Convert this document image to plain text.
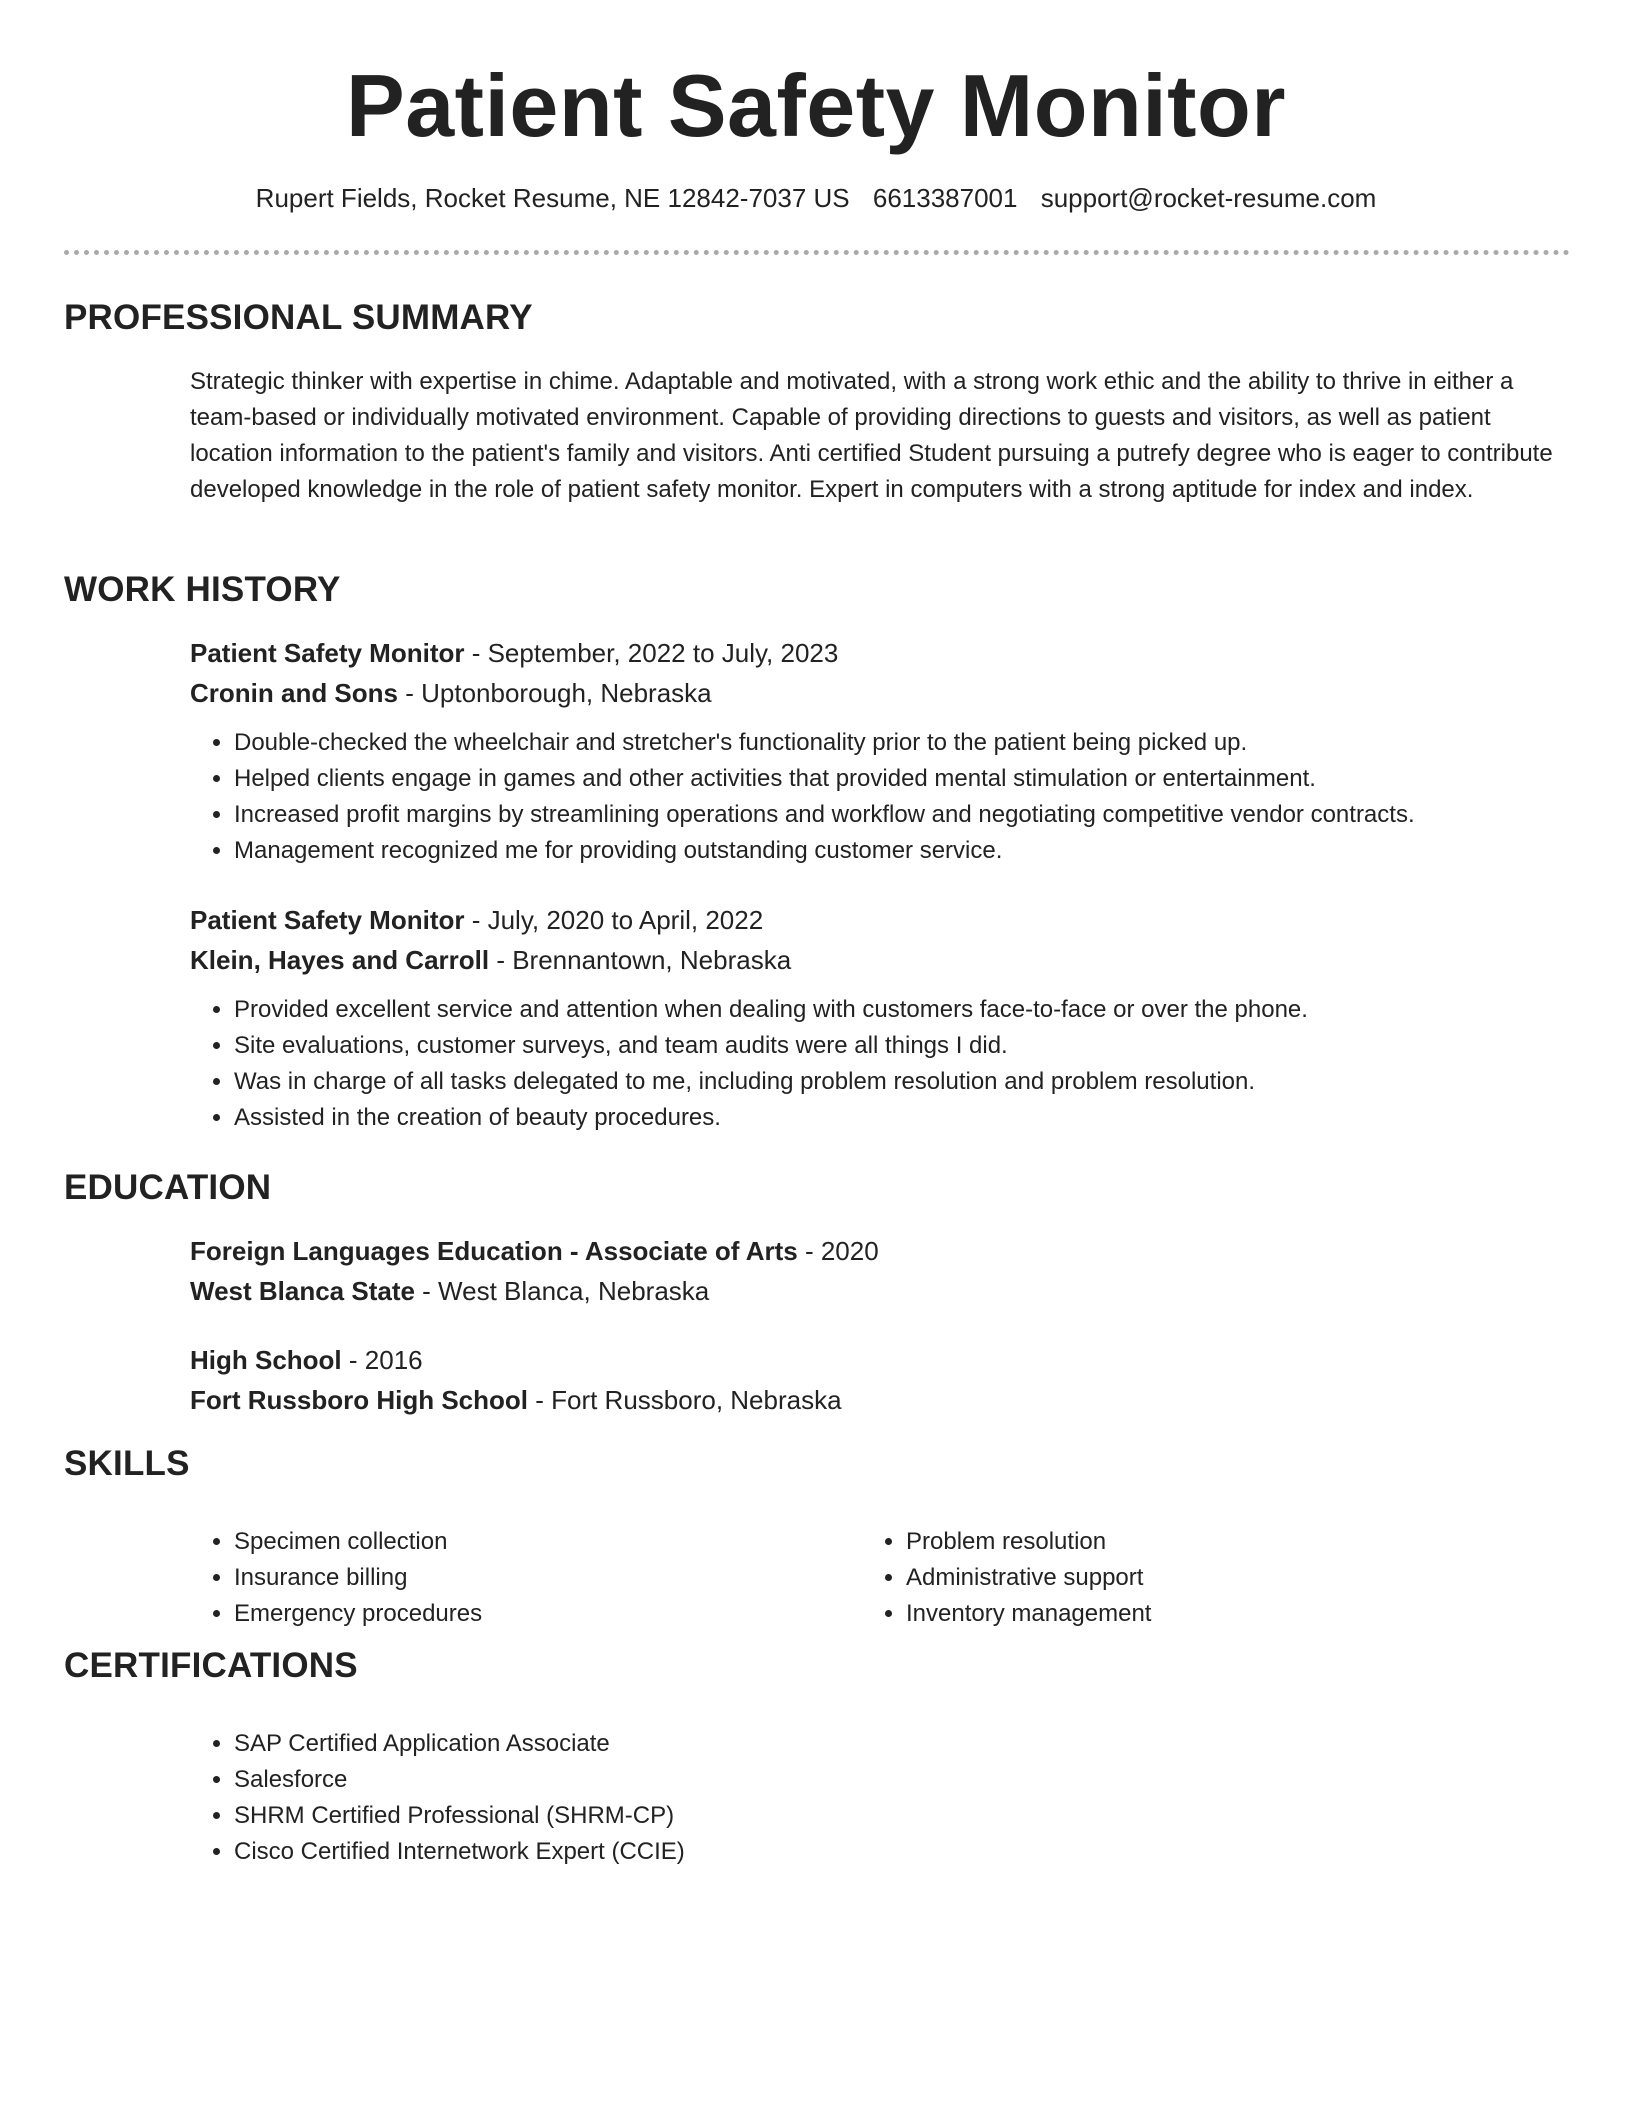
Patient Safety Monitor
Rupert Fields, Rocket Resume, NE 12842-7037 US 6613387001 support@rocket-resume.com
PROFESSIONAL SUMMARY

Strategic thinker with expertise in chime. Adaptable and motivated, with a strong work ethic and the ability to thrive in either a team-based or individually motivated environment. Capable of providing directions to guests and visitors, as well as patient location information to the patient's family and visitors. Anti certified Student pursuing a putrefy degree who is eager to contribute developed knowledge in the role of patient safety monitor. Expert in computers with a strong aptitude for index and index.

WORK HISTORY

Patient Safety Monitor - September, 2022 to July, 2023

Cronin and Sons - Uptonborough, Nebraska

• Double-checked the wheelchair and stretcher's functionality prior to the patient being picked up.
• Helped clients engage in games and other activities that provided mental stimulation or entertainment.
• Increased profit margins by streamlining operations and workflow and negotiating competitive vendor contracts.
• Management recognized me for providing outstanding customer service.

Patient Safety Monitor - July, 2020 to April, 2022

Klein, Hayes and Carroll - Brennantown, Nebraska

• Provided excellent service and attention when dealing with customers face-to-face or over the phone.
• Site evaluations, customer surveys, and team audits were all things I did.
• Was in charge of all tasks delegated to me, including problem resolution and problem resolution.
• Assisted in the creation of beauty procedures.
EDUCATION

Foreign Languages Education - Associate of Arts - 2020

West Blanca State - West Blanca, Nebraska

High School - 2016

Fort Russboro High School - Fort Russboro, Nebraska

SKILLS
• Specimen collection
• Insurance billing
• Emergency procedures
• Problem resolution
• Administrative support
• Inventory management
CERTIFICATIONS
• SAP Certified Application Associate
• Salesforce
• SHRM Certified Professional (SHRM-CP)
• Cisco Certified Internetwork Expert (CCIE)
